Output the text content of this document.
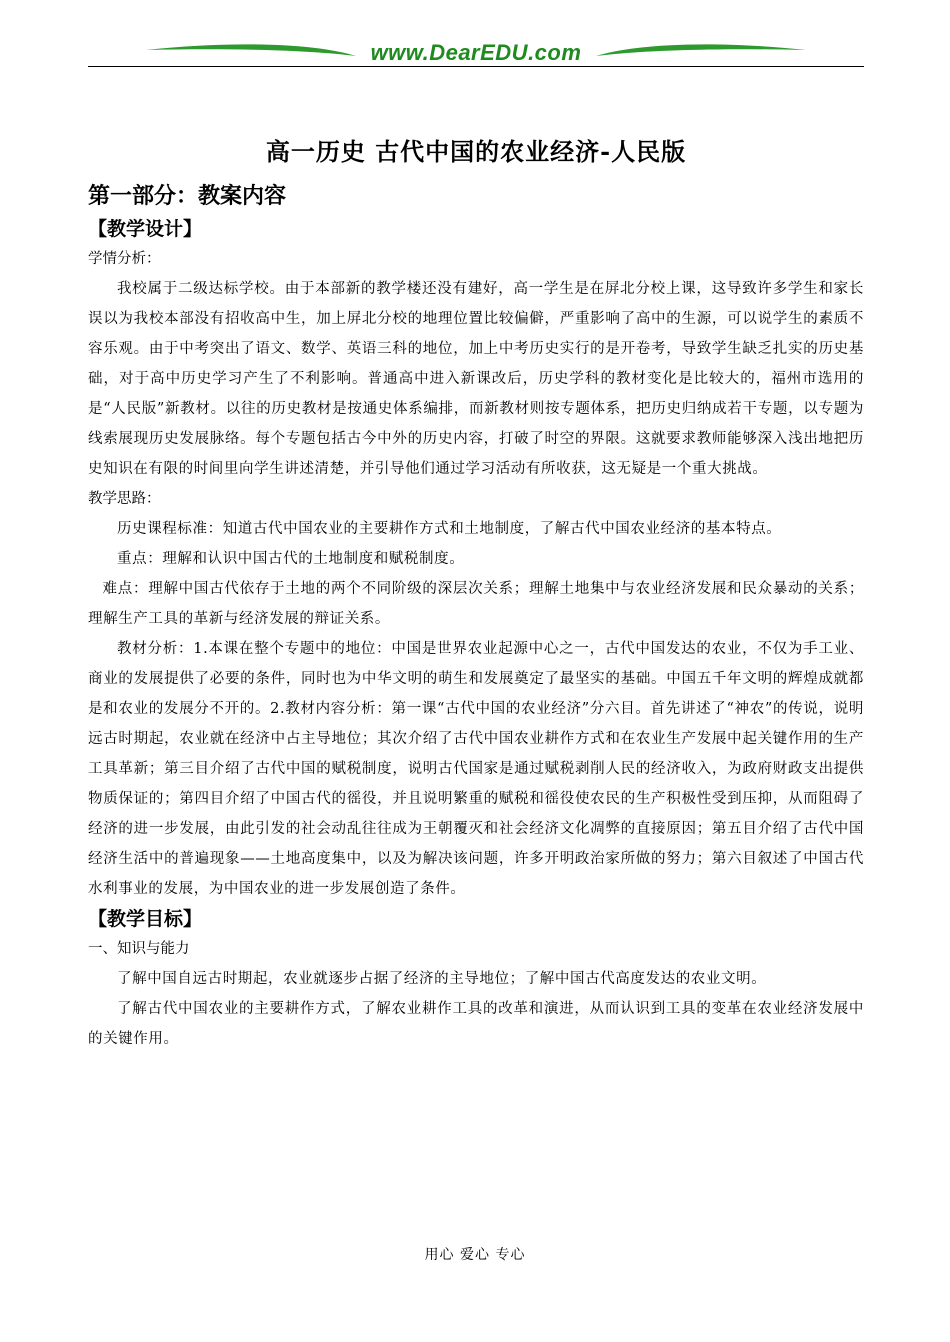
www.DearEDU.com
高一历史 古代中国的农业经济-人民版
第一部分：教案内容
【教学设计】

学情分析：

我校属于二级达标学校。由于本部新的教学楼还没有建好，高一学生是在屏北分校上课，这导致许多学生和家长误以为我校本部没有招收高中生，加上屏北分校的地理位置比较偏僻，严重影响了高中的生源，可以说学生的素质不容乐观。由于中考突出了语文、数学、英语三科的地位，加上中考历史实行的是开卷考，导致学生缺乏扎实的历史基础，对于高中历史学习产生了不利影响。普通高中进入新课改后，历史学科的教材变化是比较大的，福州市选用的是“人民版”新教材。以往的历史教材是按通史体系编排，而新教材则按专题体系，把历史归纳成若干专题，以专题为线索展现历史发展脉络。每个专题包括古今中外的历史内容，打破了时空的界限。这就要求教师能够深入浅出地把历史知识在有限的时间里向学生讲述清楚，并引导他们通过学习活动有所收获，这无疑是一个重大挑战。

教学思路：

历史课程标准：知道古代中国农业的主要耕作方式和土地制度，了解古代中国农业经济的基本特点。

重点：理解和认识中国古代的土地制度和赋税制度。

难点：理解中国古代依存于土地的两个不同阶级的深层次关系；理解土地集中与农业经济发展和民众暴动的关系；理解生产工具的革新与经济发展的辩证关系。

教材分析：1.本课在整个专题中的地位：中国是世界农业起源中心之一，古代中国发达的农业，不仅为手工业、商业的发展提供了必要的条件，同时也为中华文明的萌生和发展奠定了最坚实的基础。中国五千年文明的辉煌成就都是和农业的发展分不开的。2.教材内容分析：第一课“古代中国的农业经济”分六目。首先讲述了“神农”的传说，说明远古时期起，农业就在经济中占主导地位；其次介绍了古代中国农业耕作方式和在农业生产发展中起关键作用的生产工具革新；第三目介绍了古代中国的赋税制度，说明古代国家是通过赋税剥削人民的经济收入，为政府财政支出提供物质保证的；第四目介绍了中国古代的徭役，并且说明繁重的赋税和徭役使农民的生产积极性受到压抑，从而阻碍了经济的进一步发展，由此引发的社会动乱往往成为王朝覆灭和社会经济文化凋弊的直接原因；第五目介绍了古代中国经济生活中的普遍现象——土地高度集中，以及为解决该问题，许多开明政治家所做的努力；第六目叙述了中国古代水利事业的发展，为中国农业的进一步发展创造了条件。

【教学目标】

一、知识与能力

了解中国自远古时期起，农业就逐步占据了经济的主导地位；了解中国古代高度发达的农业文明。

了解古代中国农业的主要耕作方式，了解农业耕作工具的改革和演进，从而认识到工具的变革在农业经济发展中的关键作用。

用心 爱心 专心
